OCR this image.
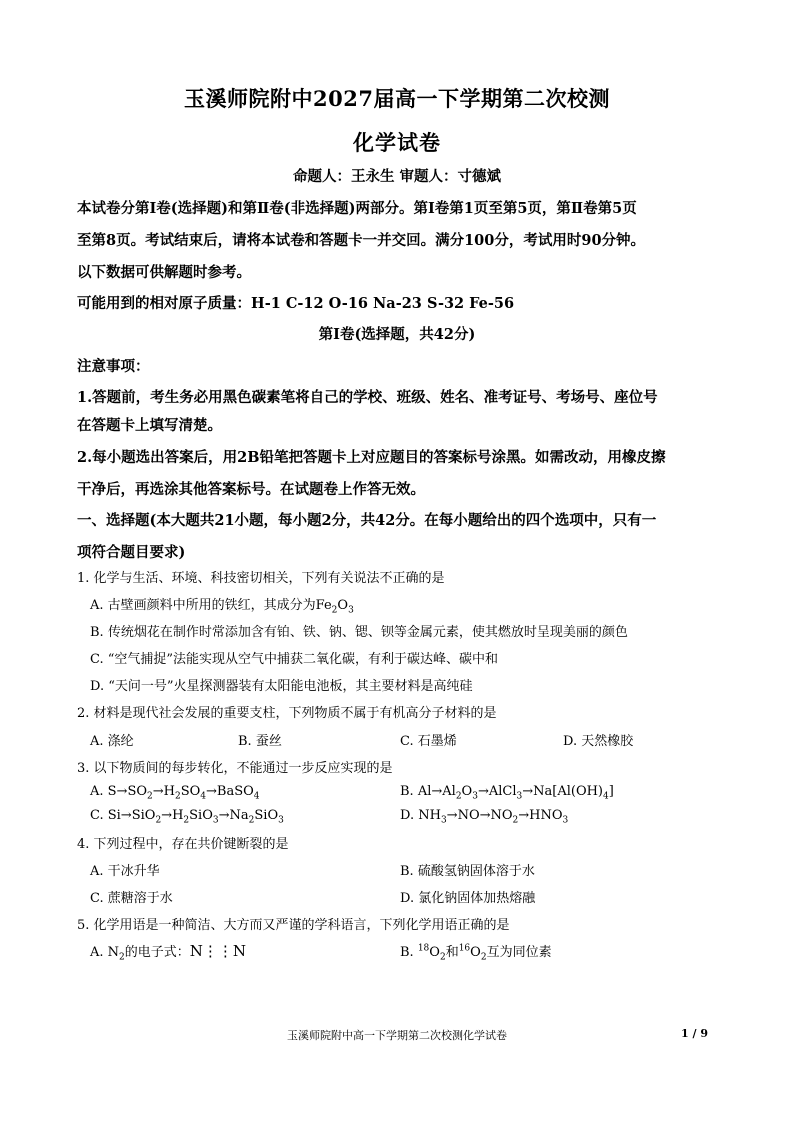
玉溪师院附中2027届高一下学期第二次校测
化学试卷
命题人：王永生 审题人：寸德斌
本试卷分第Ⅰ卷(选择题)和第Ⅱ卷(非选择题)两部分。第Ⅰ卷第1页至第5页，第Ⅱ卷第5页
至第8页。考试结束后，请将本试卷和答题卡一并交回。满分100分，考试用时90分钟。
以下数据可供解题时参考。
可能用到的相对原子质量：H-1 C-12 O-16 Na-23 S-32 Fe-56
第Ⅰ卷(选择题，共42分)
注意事项：
1.答题前，考生务必用黑色碳素笔将自己的学校、班级、姓名、准考证号、考场号、座位号
在答题卡上填写清楚。
2.每小题选出答案后，用2B铅笔把答题卡上对应题目的答案标号涂黑。如需改动，用橡皮擦
干净后，再选涂其他答案标号。在试题卷上作答无效。
一、选择题(本大题共21小题，每小题2分，共42分。在每小题给出的四个选项中，只有一
项符合题目要求)
1. 化学与生活、环境、科技密切相关，下列有关说法不正确的是
A. 古壁画颜料中所用的铁红，其成分为$Fe_2O_3$
B. 传统烟花在制作时常添加含有铂、铁、钠、锶、钡等金属元素，使其燃放时呈现美丽的颜色
C. “空气捕捉”法能实现从空气中捕获二氧化碳，有利于碳达峰、碳中和
D. “天问一号”火星探测器装有太阳能电池板，其主要材料是高纯硅
2. 材料是现代社会发展的重要支柱，下列物质不属于有机高分子材料的是
A. 涤纶	B. 蚕丝	C. 石墨烯	D. 天然橡胶
3. 以下物质间的每步转化，不能通过一步反应实现的是
A. $S\to SO_2\to H_2SO_4\to BaSO_4$	B. $Al\to Al_2O_3\to AlCl_3\to Na[Al(OH)_4]$
C. $Si\to SiO_2\to H_2SiO_3\to Na_2SiO_3$	D. $NH_3\to NO\to NO_2\to HNO_3$
4. 下列过程中，存在共价键断裂的是
A. 干冰升华	B. 硫酸氢钠固体溶于水
C. 蔗糖溶于水	D. 氯化钠固体加热熔融
5. 化学用语是一种简洁、大方而又严谨的学科语言，下列化学用语正确的是
A. $N_2$的电子式：N⋮⋮N	B. $^{18}O_2$和$^{16}O_2$互为同位素
玉溪师院附中高一下学期第二次校测化学试卷	1 / 9
